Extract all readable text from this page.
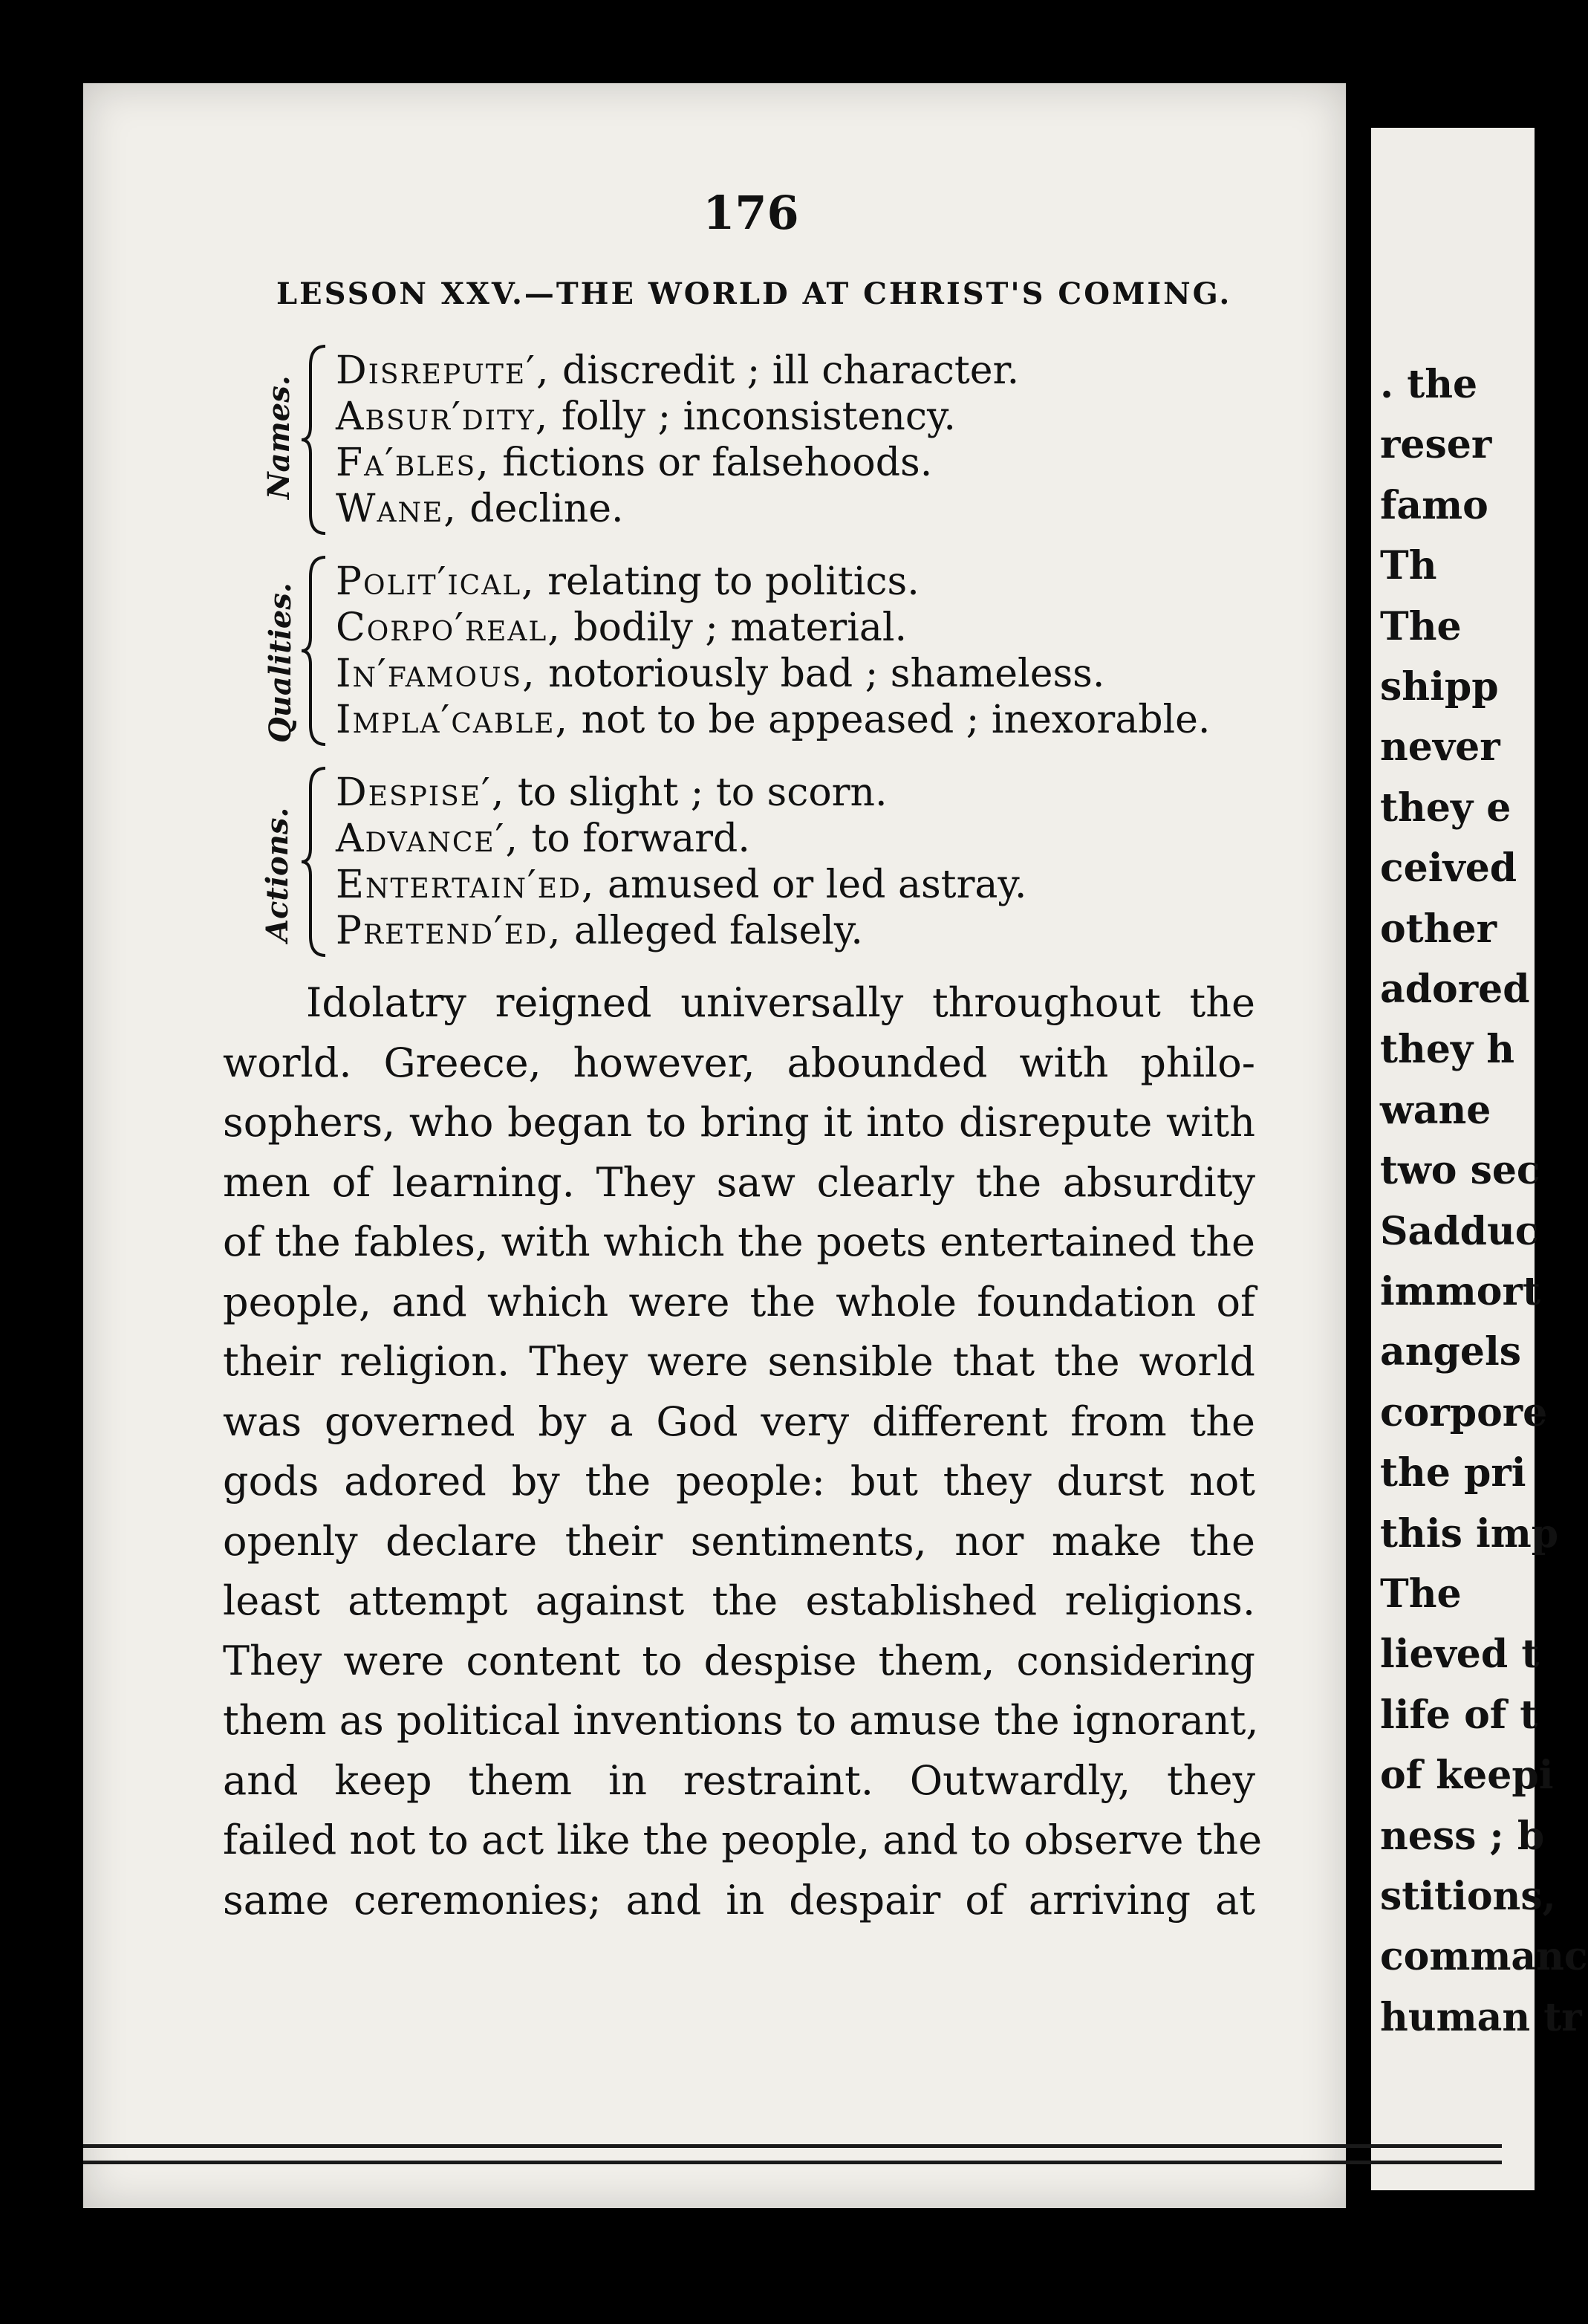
176
LESSON XXV.—THE WORLD AT CHRIST'S COMING.
Names.
Disrepute′, discredit ; ill character.
Absur′dity, folly ; inconsistency.
Fa′bles, fictions or falsehoods.
Wane, decline.
Qualities.
Polit′ical, relating to politics.
Corpo′real, bodily ; material.
In′famous, notoriously bad ; shameless.
Impla′cable, not to be appeased ; inexorable.
Actions.
Despise′, to slight ; to scorn.
Advance′, to forward.
Entertain′ed, amused or led astray.
Pretend′ed, alleged falsely.
Idolatry reigned universally throughout the
world. Greece, however, abounded with philo-
sophers, who began to bring it into disrepute with
men of learning. They saw clearly the absurdity
of the fables, with which the poets entertained the
people, and which were the whole foundation of
their religion. They were sensible that the world
was governed by a God very different from the
gods adored by the people: but they durst not
openly declare their sentiments, nor make the
least attempt against the established religions.
They were content to despise them, considering
them as political inventions to amuse the ignorant,
and keep them in restraint. Outwardly, they
failed not to act like the people, and to observe the
same ceremonies; and in despair of arriving at
. the
reser
famo
Th
The
shipp
never
they e
ceived
other
adored
they h
wane
two sec
Sadduc
immort
angels
corpore
the pri
this imp
The
lieved t
life of t
of keepi
ness ; b
stitions,
commanc
human tr
